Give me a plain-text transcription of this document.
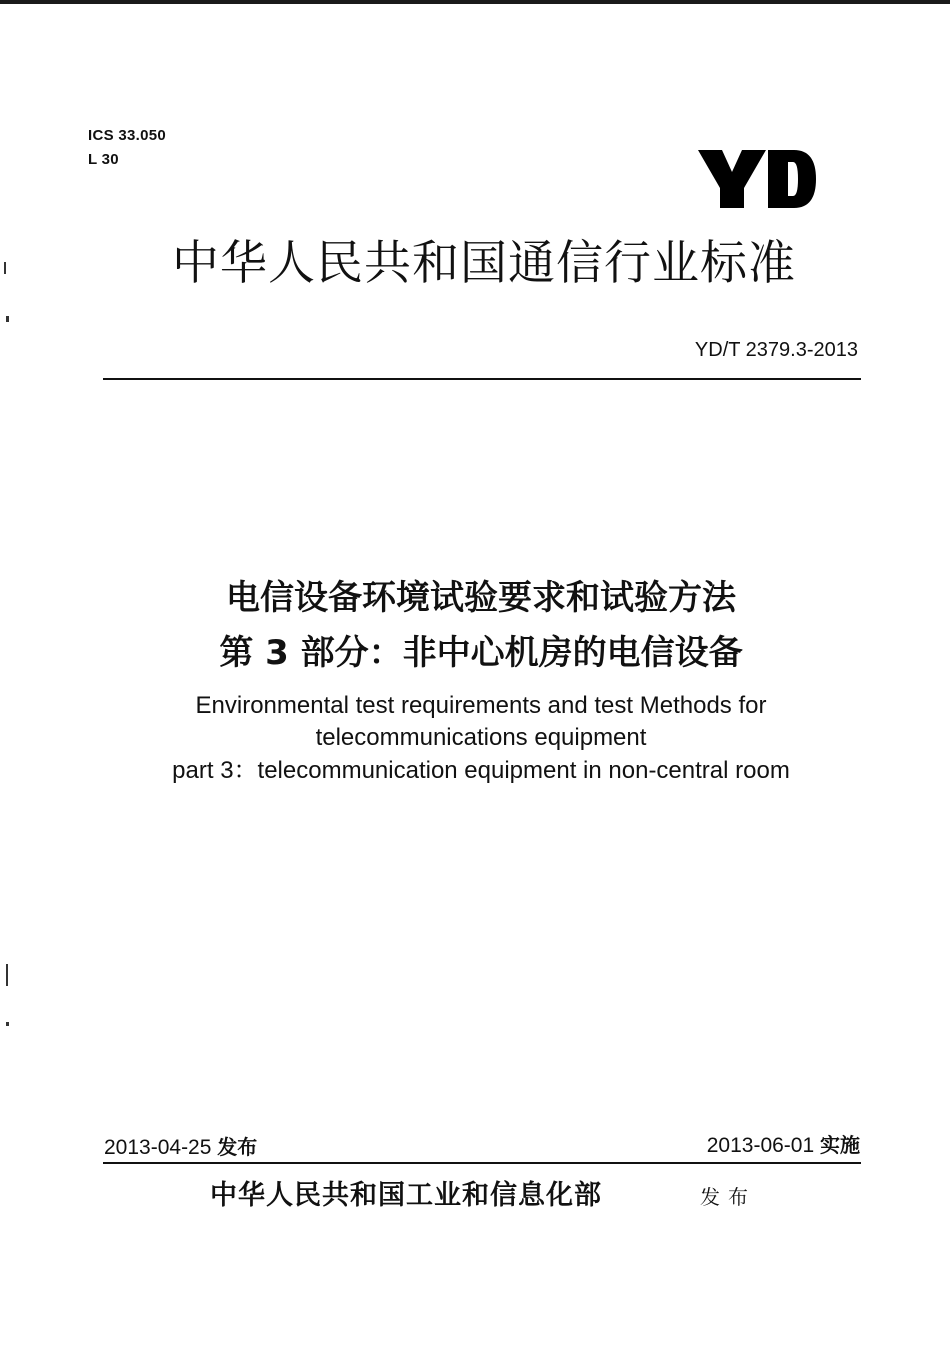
ICS 33.050
L 30
中华人民共和国通信行业标准
YD/T 2379.3-2013
电信设备环境试验要求和试验方法
第 3 部分：非中心机房的电信设备
Environmental test requirements and test Methods for
telecommunications equipment
part 3：telecommunication equipment in non-central room
2013-04-25 发布	2013-06-01 实施
中华人民共和国工业和信息化部	发布
